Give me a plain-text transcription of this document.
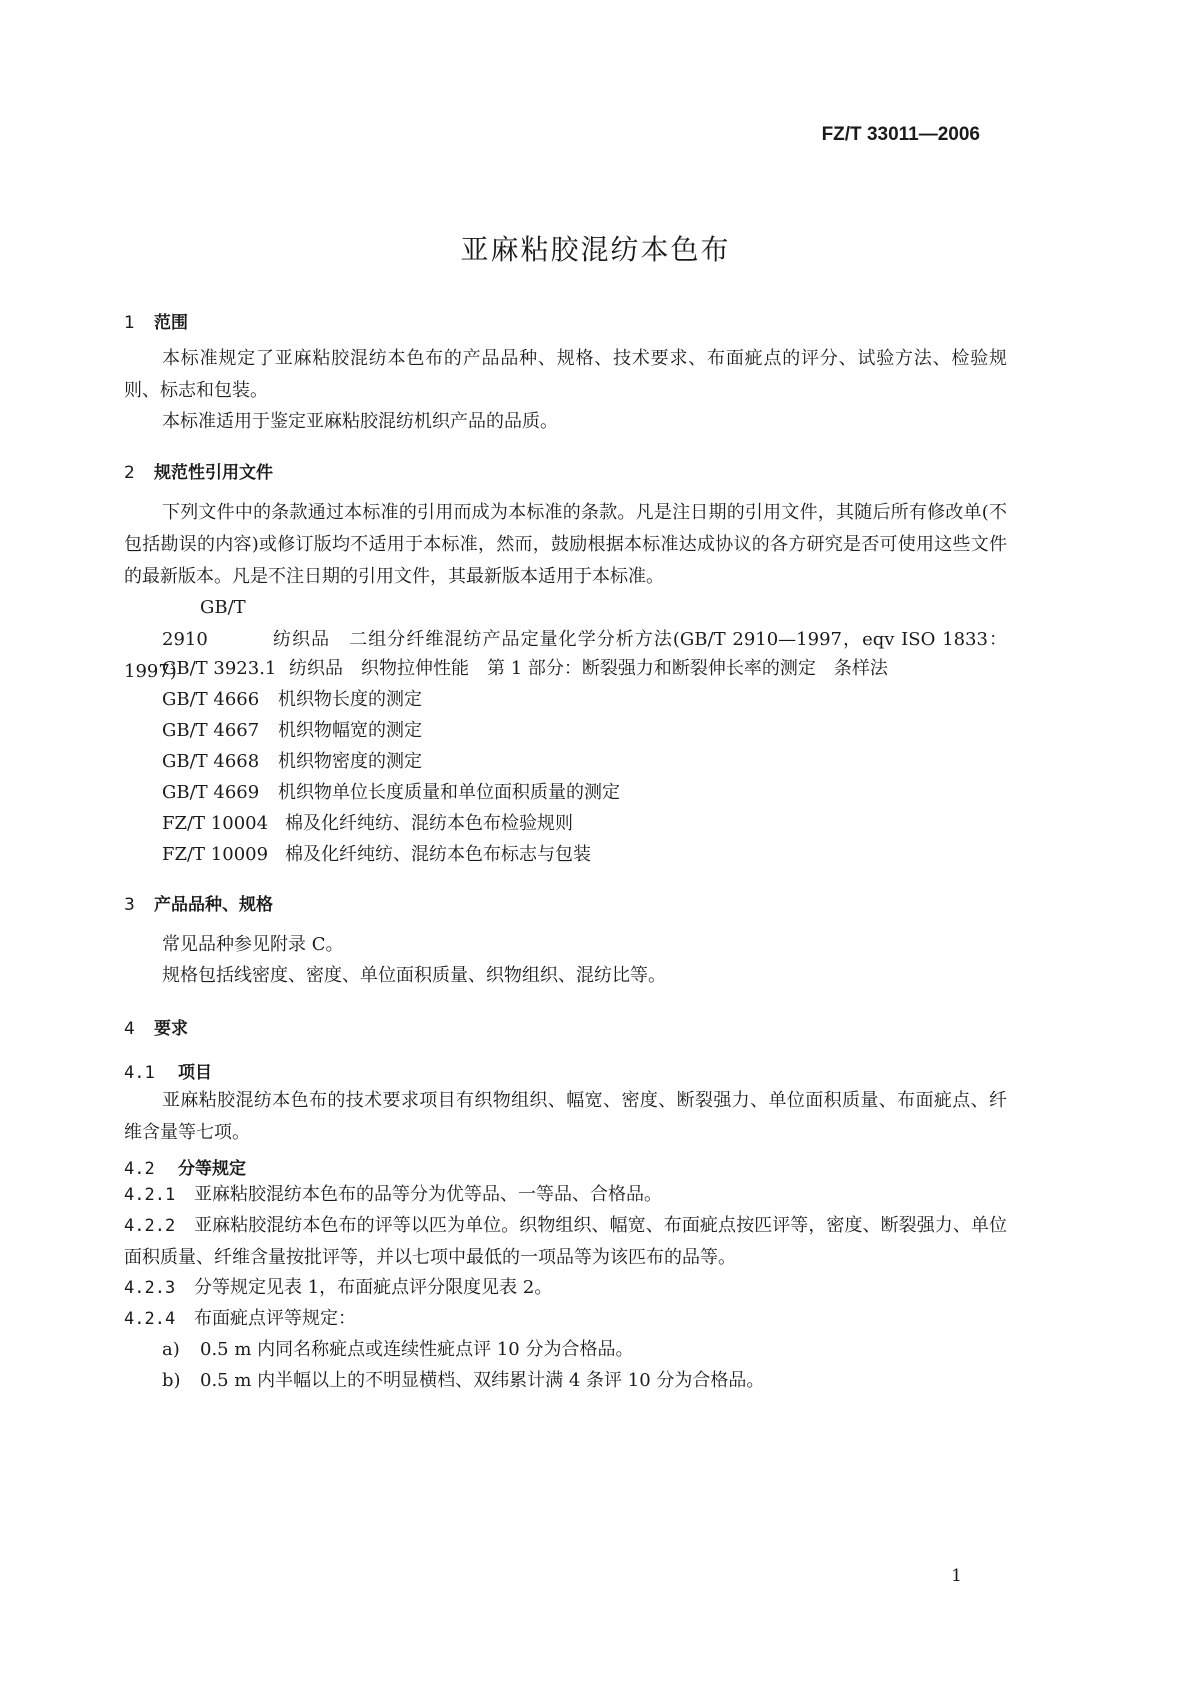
FZ/T 33011—2006
亚麻粘胶混纺本色布
1 范围
本标准规定了亚麻粘胶混纺本色布的产品品种、规格、技术要求、布面疵点的评分、试验方法、检验规则、标志和包装。
本标准适用于鉴定亚麻粘胶混纺机织产品的品质。
2 规范性引用文件
下列文件中的条款通过本标准的引用而成为本标准的条款。凡是注日期的引用文件，其随后所有修改单(不包括勘误的内容)或修订版均不适用于本标准，然而，鼓励根据本标准达成协议的各方研究是否可使用这些文件的最新版本。凡是不注日期的引用文件，其最新版本适用于本标准。
GB/T 2910	纺织品　二组分纤维混纺产品定量化学分析方法(GB/T 2910—1997，eqv ISO 1833：1997)
GB/T 3923.1 纺织品　织物拉伸性能　第 1 部分：断裂强力和断裂伸长率的测定　条样法
GB/T 4666 机织物长度的测定
GB/T 4667 机织物幅宽的测定
GB/T 4668 机织物密度的测定
GB/T 4669 机织物单位长度质量和单位面积质量的测定
FZ/T 10004 棉及化纤纯纺、混纺本色布检验规则
FZ/T 10009 棉及化纤纯纺、混纺本色布标志与包装
3 产品品种、规格
常见品种参见附录 C。
规格包括线密度、密度、单位面积质量、织物组织、混纺比等。
4 要求
4.1 项目
亚麻粘胶混纺本色布的技术要求项目有织物组织、幅宽、密度、断裂强力、单位面积质量、布面疵点、纤维含量等七项。
4.2 分等规定
4.2.1 亚麻粘胶混纺本色布的品等分为优等品、一等品、合格品。
4.2.2 亚麻粘胶混纺本色布的评等以匹为单位。织物组织、幅宽、布面疵点按匹评等，密度、断裂强力、单位面积质量、纤维含量按批评等，并以七项中最低的一项品等为该匹布的品等。
4.2.3 分等规定见表 1，布面疵点评分限度见表 2。
4.2.4 布面疵点评等规定：
a) 0.5 m 内同名称疵点或连续性疵点评 10 分为合格品。
b) 0.5 m 内半幅以上的不明显横档、双纬累计满 4 条评 10 分为合格品。
1
